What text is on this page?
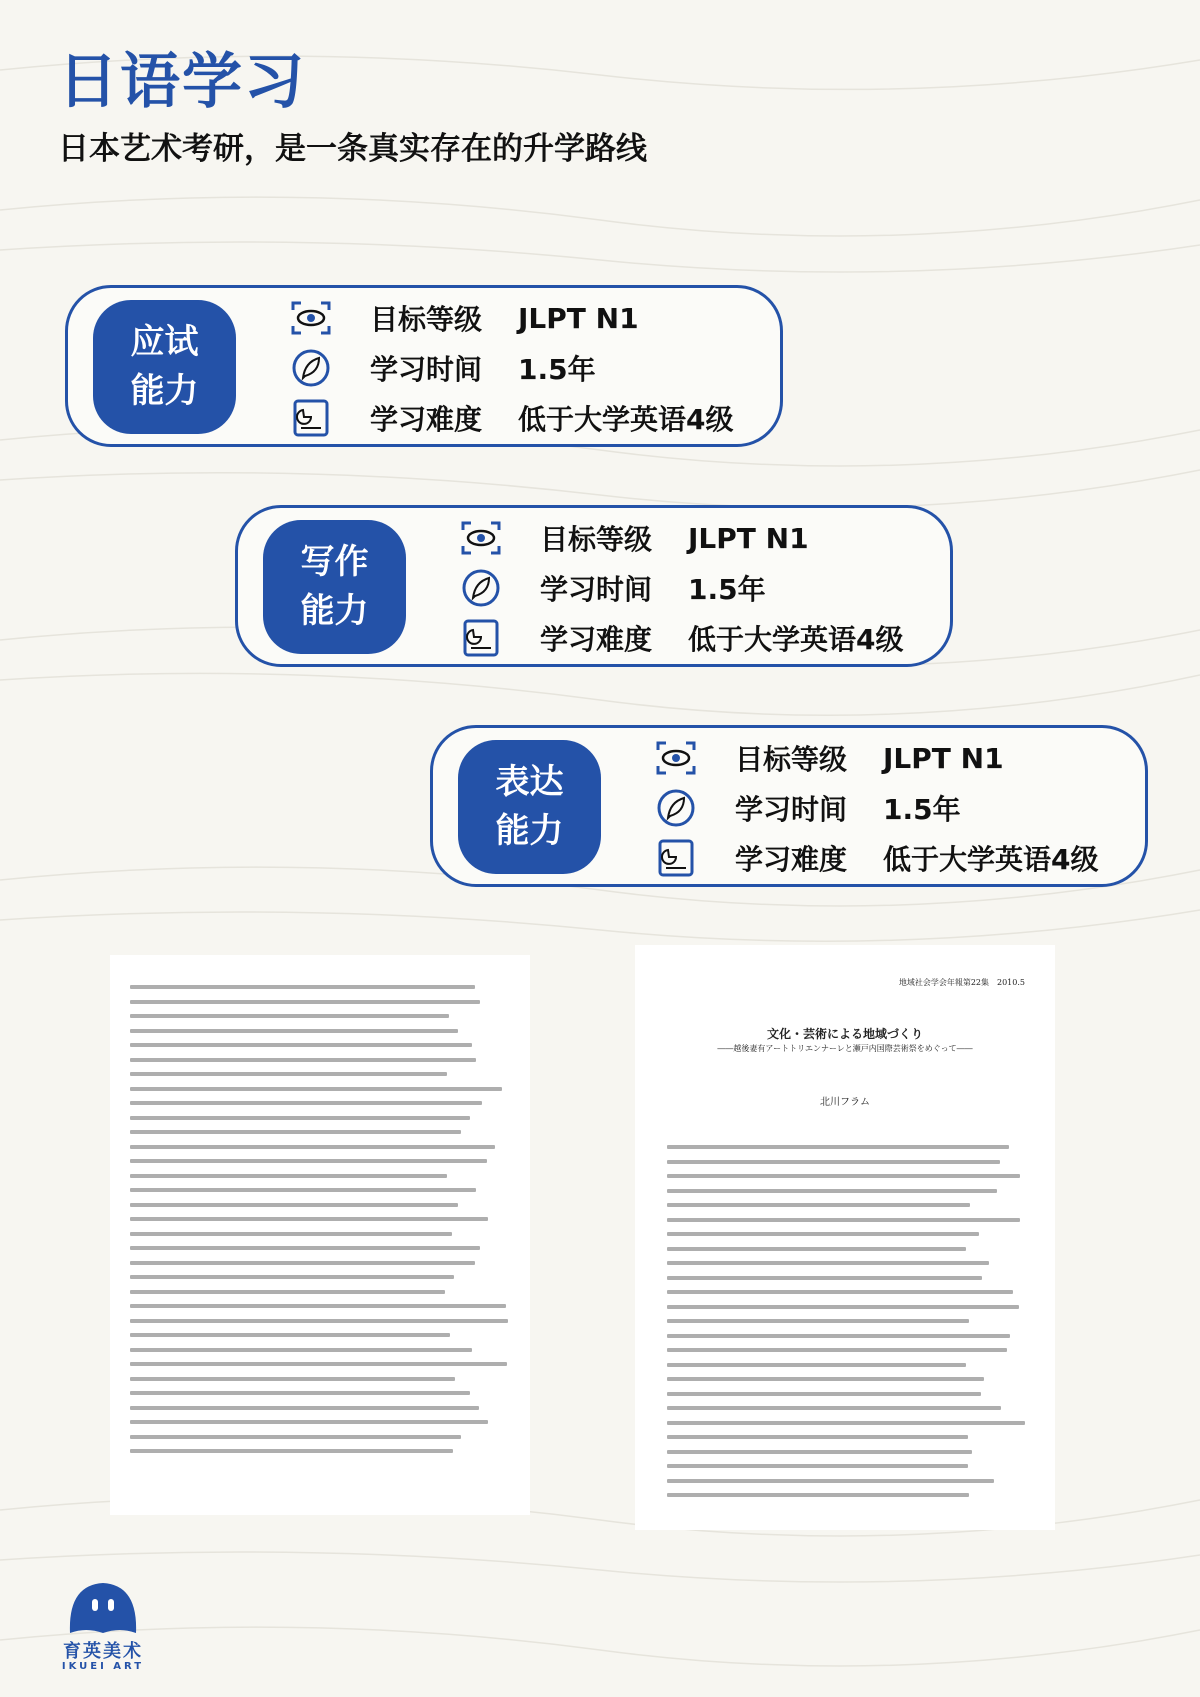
日语学习
日本艺术考研，是一条真实存在的升学路线
应试
能力
目标等级 JLPT N1
学习时间 1.5年
学习难度 低于大学英语4级
写作
能力
目标等级 JLPT N1
学习时间 1.5年
学习难度 低于大学英语4级
表达
能力
目标等级 JLPT N1
学习时间 1.5年
学习难度 低于大学英语4级
地域社会学会年報第22集　2010.5
文化・芸術による地域づくり
――越後妻有アートトリエンナーレと瀬戸内国際芸術祭をめぐって――
北川フラム
育英美术
IKUEI ART
